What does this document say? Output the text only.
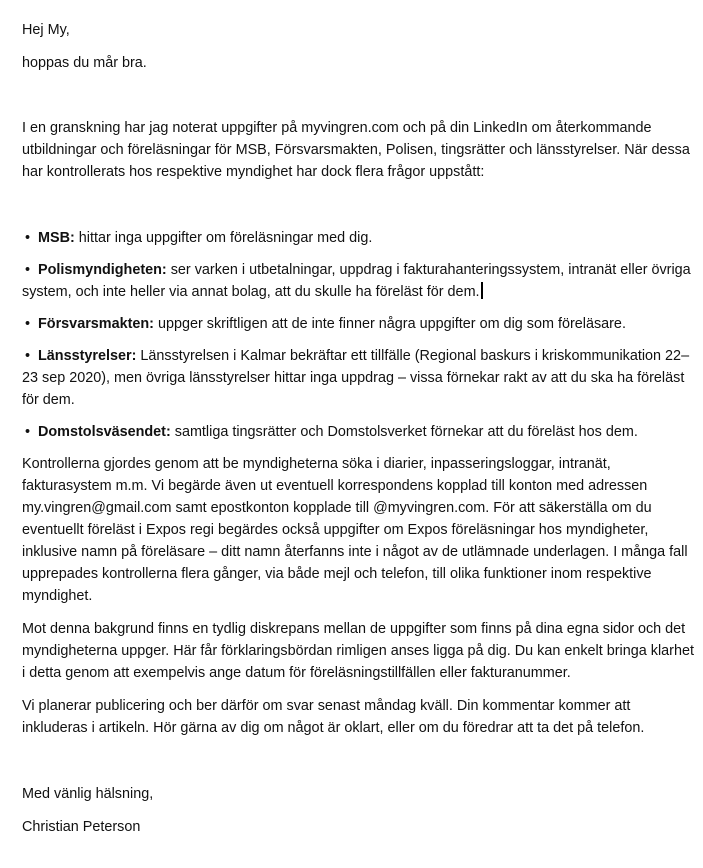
Hej My,

hoppas du mår bra.

I en granskning har jag noterat uppgifter på myvingren.com och på din LinkedIn om återkommande utbildningar och föreläsningar för MSB, Försvarsmakten, Polisen, tingsrätter och länsstyrelser. När dessa har kontrollerats hos respektive myndighet har dock flera frågor uppstått:

• MSB: hittar inga uppgifter om föreläsningar med dig.

• Polismyndigheten: ser varken i utbetalningar, uppdrag i fakturahanteringssystem, intranät eller övriga system, och inte heller via annat bolag, att du skulle ha föreläst för dem.

• Försvarsmakten: uppger skriftligen att de inte finner några uppgifter om dig som föreläsare.

• Länsstyrelser: Länsstyrelsen i Kalmar bekräftar ett tillfälle (Regional baskurs i kriskommunikation 22–23 sep 2020), men övriga länsstyrelser hittar inga uppdrag – vissa förnekar rakt av att du ska ha föreläst för dem.

• Domstolsväsendet: samtliga tingsrätter och Domstolsverket förnekar att du föreläst hos dem.

Kontrollerna gjordes genom att be myndigheterna söka i diarier, inpasseringsloggar, intranät, fakturasystem m.m. Vi begärde även ut eventuell korrespondens kopplad till konton med adressen my.vingren@gmail.com samt epostkonton kopplade till @myvingren.com. För att säkerställa om du eventuellt föreläst i Expos regi begärdes också uppgifter om Expos föreläsningar hos myndigheter, inklusive namn på föreläsare – ditt namn återfanns inte i något av de utlämnade underlagen. I många fall upprepades kontrollerna flera gånger, via både mejl och telefon, till olika funktioner inom respektive myndighet.

Mot denna bakgrund finns en tydlig diskrepans mellan de uppgifter som finns på dina egna sidor och det myndigheterna uppger. Här får förklaringsbördan rimligen anses ligga på dig. Du kan enkelt bringa klarhet i detta genom att exempelvis ange datum för föreläsningstillfällen eller fakturanummer.

Vi planerar publicering och ber därför om svar senast måndag kväll. Din kommentar kommer att inkluderas i artikeln. Hör gärna av dig om något är oklart, eller om du föredrar att ta det på telefon.

Med vänlig hälsning,

Christian Peterson
